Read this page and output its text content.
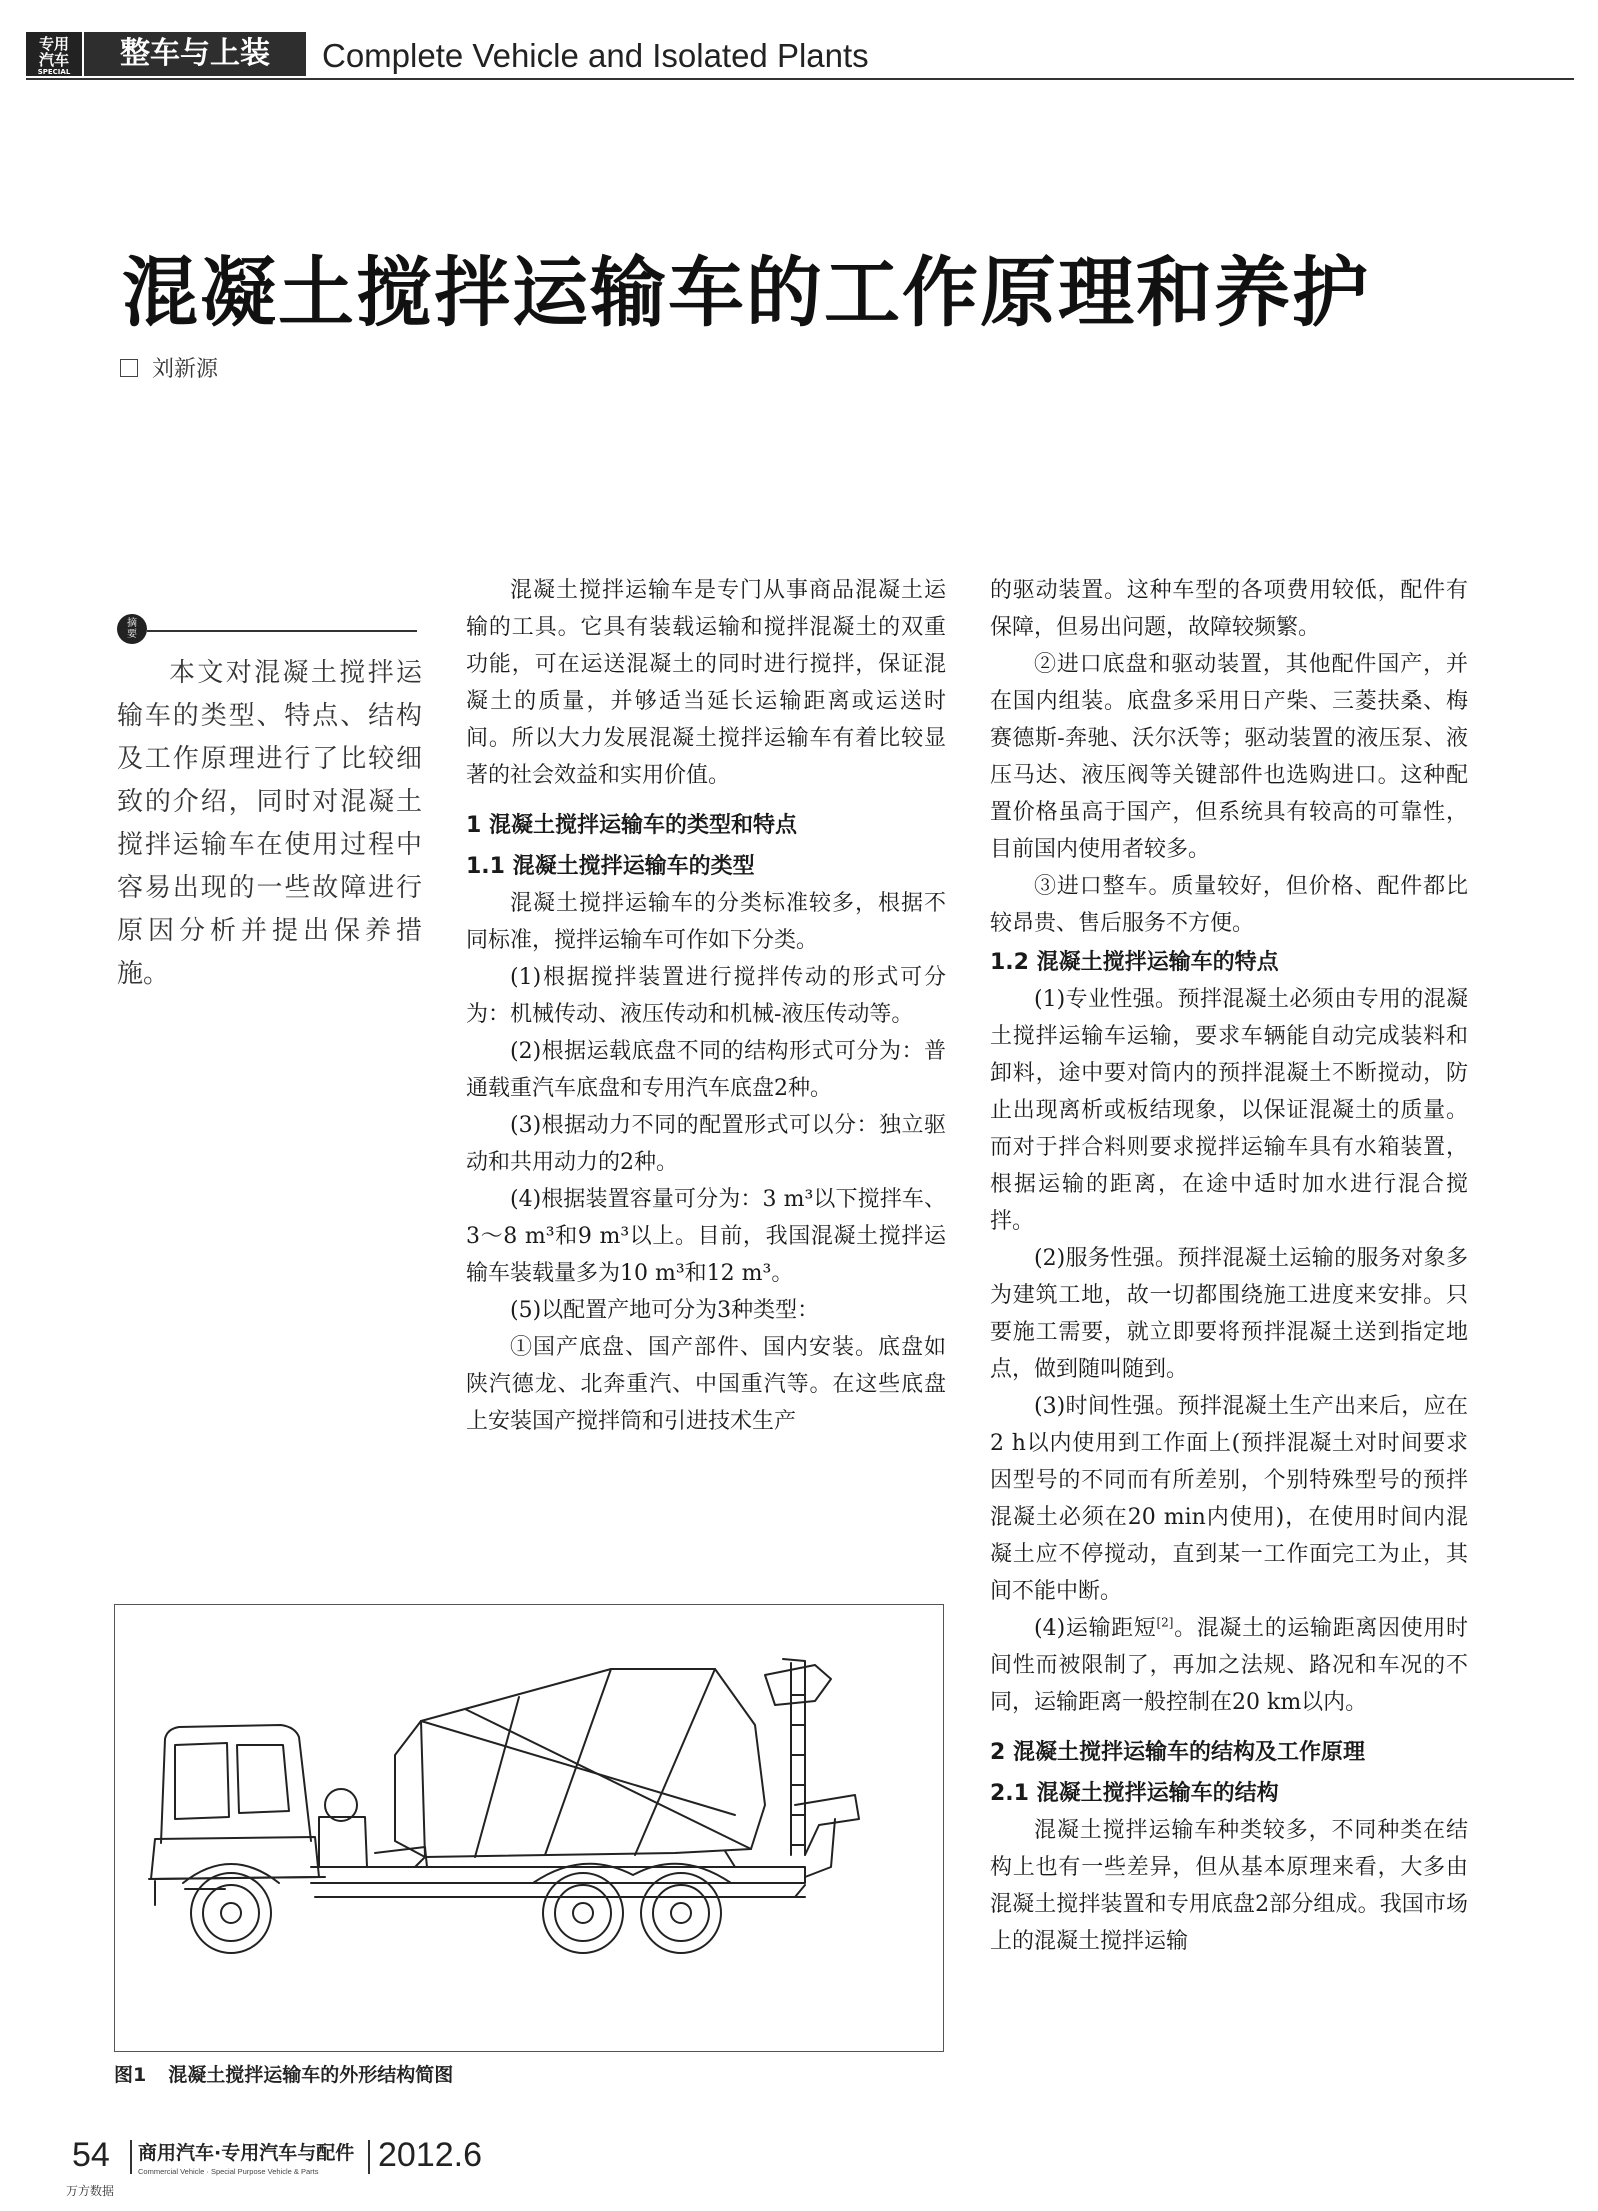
专用
汽车
SPECIAL
整车与上装	Complete Vehicle and Isolated Plants
混凝土搅拌运输车的工作原理和养护
刘新源
摘
要
本文对混凝土搅拌运输车的类型、特点、结构及工作原理进行了比较细致的介绍，同时对混凝土搅拌运输车在使用过程中容易出现的一些故障进行原因分析并提出保养措施。

混凝土搅拌运输车是专门从事商品混凝土运输的工具。它具有装载运输和搅拌混凝土的双重功能，可在运送混凝土的同时进行搅拌，保证混凝土的质量，并够适当延长运输距离或运送时间。所以大力发展混凝土搅拌运输车有着比较显著的社会效益和实用价值。

1 混凝土搅拌运输车的类型和特点
1.1 混凝土搅拌运输车的类型

混凝土搅拌运输车的分类标准较多，根据不同标准，搅拌运输车可作如下分类。

(1)根据搅拌装置进行搅拌传动的形式可分为：机械传动、液压传动和机械-液压传动等。

(2)根据运载底盘不同的结构形式可分为：普通载重汽车底盘和专用汽车底盘2种。

(3)根据动力不同的配置形式可以分：独立驱动和共用动力的2种。

(4)根据装置容量可分为：3 m³以下搅拌车、3～8 m³和9 m³以上。目前，我国混凝土搅拌运输车装载量多为10 m³和12 m³。

(5)以配置产地可分为3种类型：

①国产底盘、国产部件、国内安装。底盘如陕汽德龙、北奔重汽、中国重汽等。在这些底盘上安装国产搅拌筒和引进技术生产

的驱动装置。这种车型的各项费用较低，配件有保障，但易出问题，故障较频繁。

②进口底盘和驱动装置，其他配件国产，并在国内组装。底盘多采用日产柴、三菱扶桑、梅赛德斯-奔驰、沃尔沃等；驱动装置的液压泵、液压马达、液压阀等关键部件也选购进口。这种配置价格虽高于国产，但系统具有较高的可靠性，目前国内使用者较多。

③进口整车。质量较好，但价格、配件都比较昂贵、售后服务不方便。

1.2 混凝土搅拌运输车的特点

(1)专业性强。预拌混凝土必须由专用的混凝土搅拌运输车运输，要求车辆能自动完成装料和卸料，途中要对筒内的预拌混凝土不断搅动，防止出现离析或板结现象，以保证混凝土的质量。而对于拌合料则要求搅拌运输车具有水箱装置，根据运输的距离，在途中适时加水进行混合搅拌。

(2)服务性强。预拌混凝土运输的服务对象多为建筑工地，故一切都围绕施工进度来安排。只要施工需要，就立即要将预拌混凝土送到指定地点，做到随叫随到。

(3)时间性强。预拌混凝土生产出来后，应在2 h以内使用到工作面上(预拌混凝土对时间要求因型号的不同而有所差别，个别特殊型号的预拌混凝土必须在20 min内使用)，在使用时间内混凝土应不停搅动，直到某一工作面完工为止，其间不能中断。

(4)运输距短[2]。混凝土的运输距离因使用时间性而被限制了，再加之法规、路况和车况的不同，运输距离一般控制在20 km以内。

2 混凝土搅拌运输车的结构及工作原理
2.1 混凝土搅拌运输车的结构

混凝土搅拌运输车种类较多，不同种类在结构上也有一些差异，但从基本原理来看，大多由混凝土搅拌装置和专用底盘2部分组成。我国市场上的混凝土搅拌运输

图1 混凝土搅拌运输车的外形结构简图
54 商用汽车·专用汽车与配件
Commercial Vehicle · Special Purpose Vehicle & Parts	2012.6
万方数据
